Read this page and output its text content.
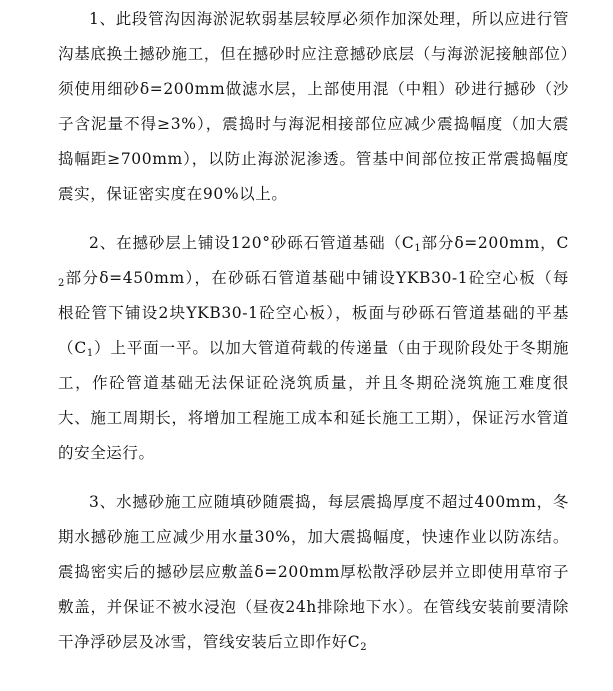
1、此段管沟因海淤泥软弱基层较厚必须作加深处理，所以应进行管沟基底换土撼砂施工，但在撼砂时应注意撼砂底层（与海淤泥接触部位）须使用细砂δ=200mm做滤水层，上部使用混（中粗）砂进行撼砂（沙子含泥量不得≥3%），震捣时与海泥相接部位应减少震捣幅度（加大震捣幅距≥700mm），以防止海淤泥渗透。管基中间部位按正常震捣幅度震实，保证密实度在90%以上。

2、在撼砂层上铺设120°砂砾石管道基础（$C_1$部分δ=200mm，$C_2$部分δ=450mm），在砂砾石管道基础中铺设YKB30-1砼空心板（每根砼管下铺设2块YKB30-1砼空心板），板面与砂砾石管道基础的平基$(C_1)$上平面一平。以加大管道荷载的传递量（由于现阶段处于冬期施工，作砼管道基础无法保证砼浇筑质量，并且冬期砼浇筑施工难度很大、施工周期长，将增加工程施工成本和延长施工工期），保证污水管道的安全运行。

3、水撼砂施工应随填砂随震捣，每层震捣厚度不超过400mm，冬期水撼砂施工应减少用水量30%，加大震捣幅度，快速作业以防冻结。震捣密实后的撼砂层应敷盖δ=200mm厚松散浮砂层并立即使用草帘子敷盖，并保证不被水浸泡（昼夜24h排除地下水）。在管线安装前要清除干净浮砂层及冰雪，管线安装后立即作好$C_2$
